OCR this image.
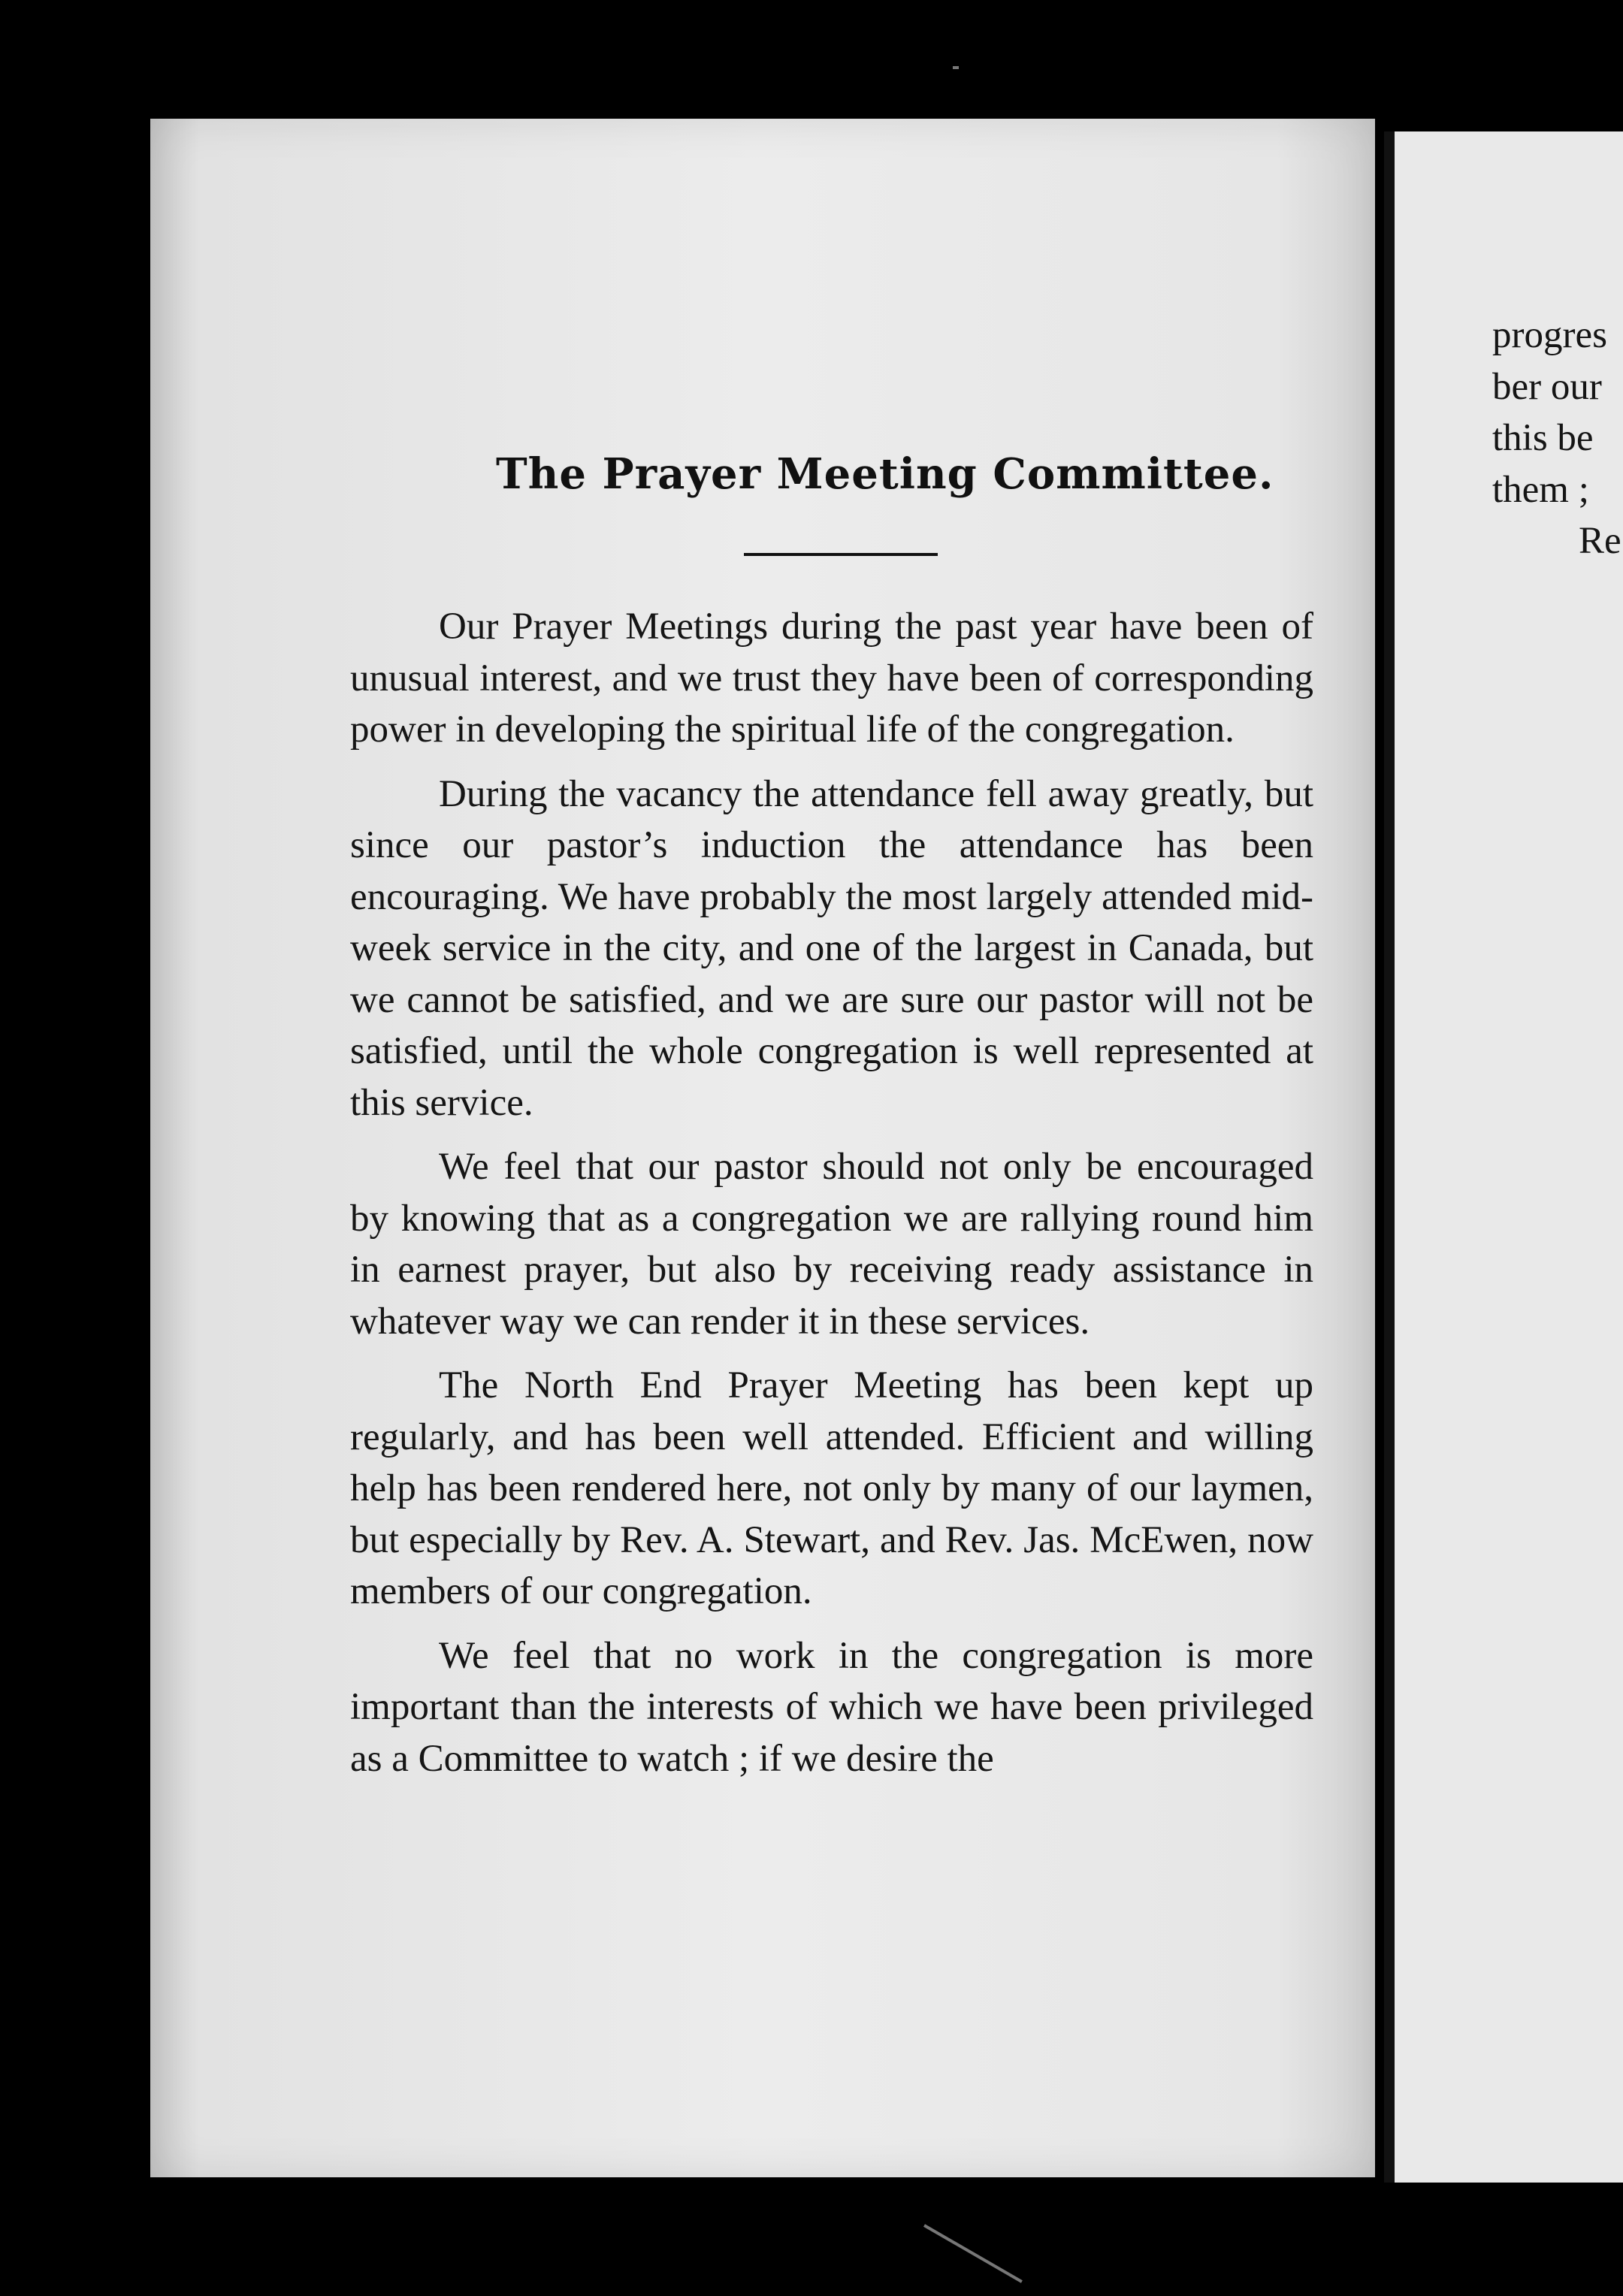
The Prayer Meeting Committee.

Our Prayer Meetings during the past year have been of unusual interest, and we trust they have been of corresponding power in developing the spiritual life of the congregation.

During the vacancy the attendance fell away greatly, but since our pastor’s induction the attendance has been encouraging. We have probably the most largely attended mid-week service in the city, and one of the largest in Canada, but we cannot be satisfied, and we are sure our pastor will not be satisfied, until the whole congregation is well represented at this service.

We feel that our pastor should not only be encouraged by knowing that as a congregation we are rallying round him in earnest prayer, but also by receiving ready assistance in whatever way we can render it in these services.

The North End Prayer Meeting has been kept up regularly, and has been well attended. Efficient and willing help has been rendered here, not only by many of our laymen, but especially by Rev. A. Stewart, and Rev. Jas. McEwen, now members of our congregation.

We feel that no work in the congregation is more important than the interests of which we have been privileged as a Committee to watch ; if we desire the

progres
ber our
this be
them ;
Re
